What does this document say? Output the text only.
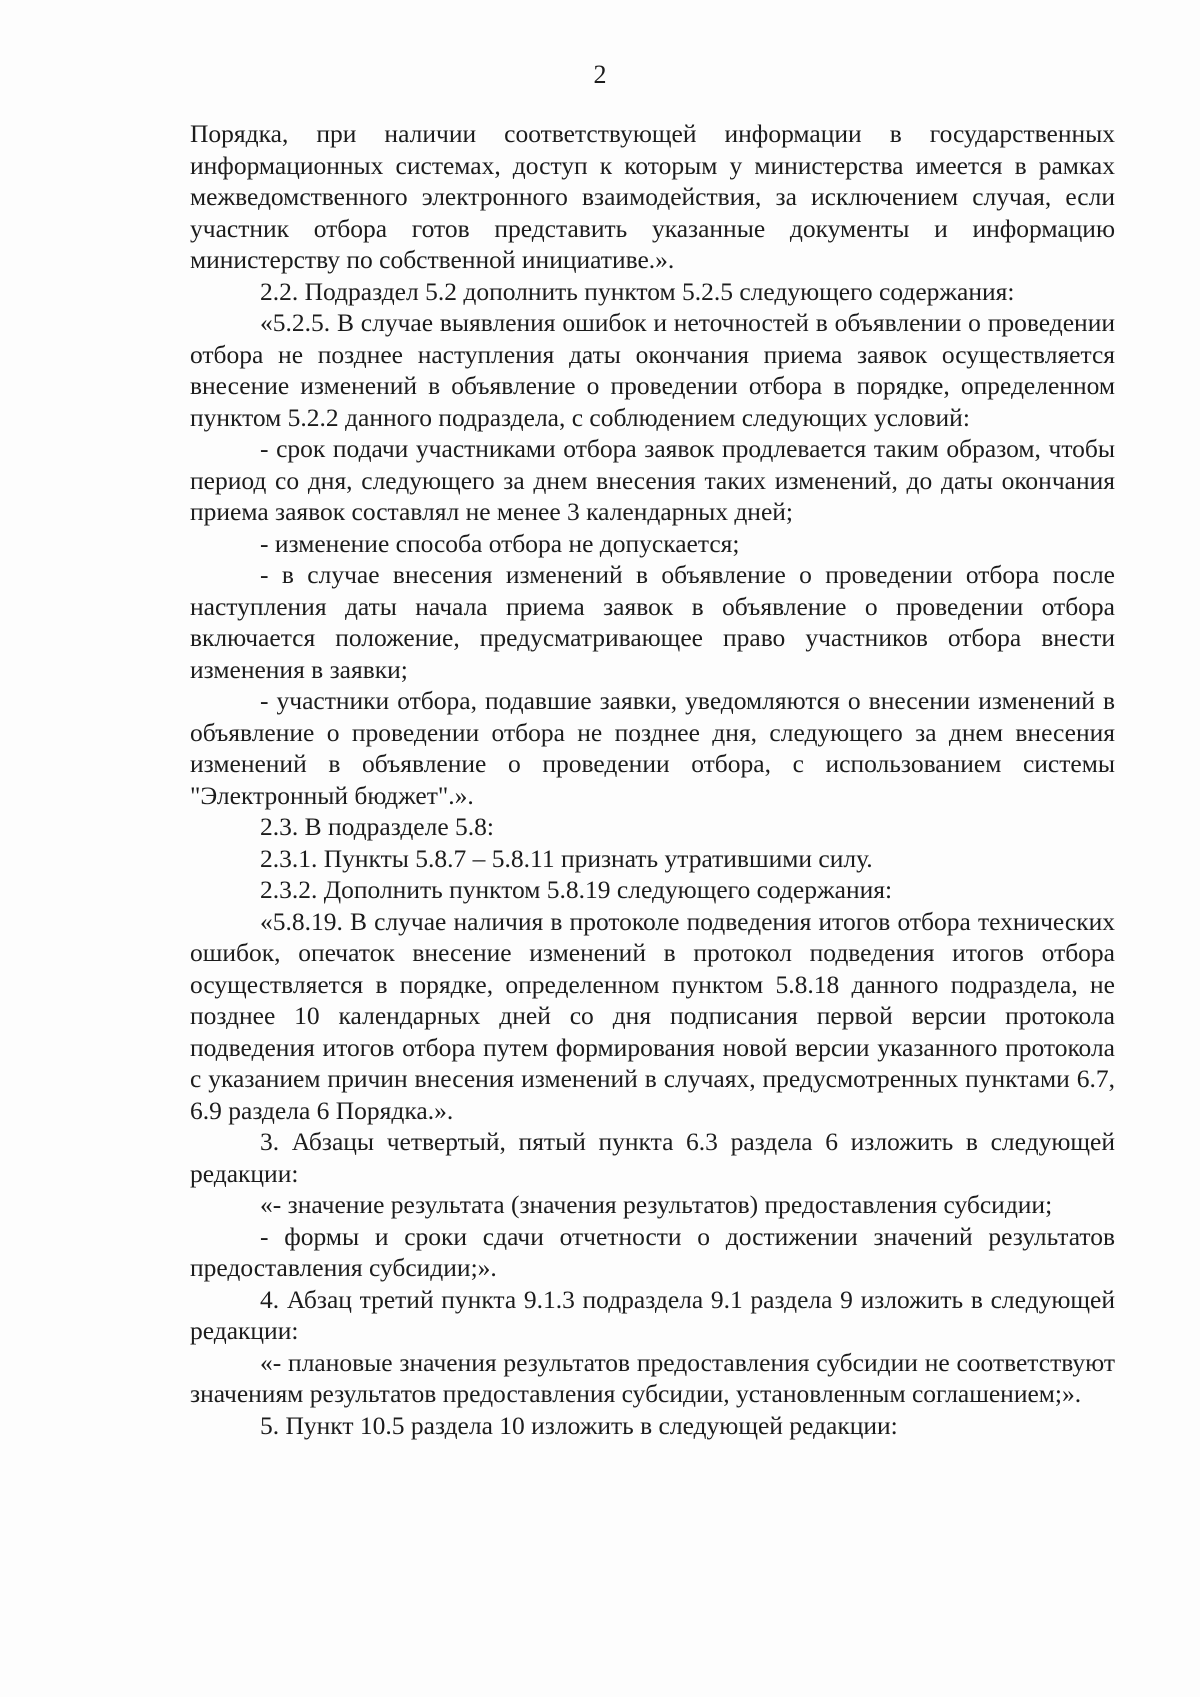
2

Порядка, при наличии соответствующей информации в государственных информационных системах, доступ к которым у министерства имеется в рамках межведомственного электронного взаимодействия, за исключением случая, если участник отбора готов представить указанные документы и информацию министерству по собственной инициативе.».

2.2. Подраздел 5.2 дополнить пунктом 5.2.5 следующего содержания:

«5.2.5. В случае выявления ошибок и неточностей в объявлении о проведении отбора не позднее наступления даты окончания приема заявок осуществляется внесение изменений в объявление о проведении отбора в порядке, определенном пунктом 5.2.2 данного подраздела, с соблюдением следующих условий:

- срок подачи участниками отбора заявок продлевается таким образом, чтобы период со дня, следующего за днем внесения таких изменений, до даты окончания приема заявок составлял не менее 3 календарных дней;

- изменение способа отбора не допускается;

- в случае внесения изменений в объявление о проведении отбора после наступления даты начала приема заявок в объявление о проведении отбора включается положение, предусматривающее право участников отбора внести изменения в заявки;

- участники отбора, подавшие заявки, уведомляются о внесении изменений в объявление о проведении отбора не позднее дня, следующего за днем внесения изменений в объявление о проведении отбора, с использованием системы "Электронный бюджет".».

2.3. В подразделе 5.8:

2.3.1. Пункты 5.8.7 – 5.8.11 признать утратившими силу.

2.3.2. Дополнить пунктом 5.8.19 следующего содержания:

«5.8.19. В случае наличия в протоколе подведения итогов отбора технических ошибок, опечаток внесение изменений в протокол подведения итогов отбора осуществляется в порядке, определенном пунктом 5.8.18 данного подраздела, не позднее 10 календарных дней со дня подписания первой версии протокола подведения итогов отбора путем формирования новой версии указанного протокола с указанием причин внесения изменений в случаях, предусмотренных пунктами 6.7, 6.9 раздела 6 Порядка.».

3. Абзацы четвертый, пятый пункта 6.3 раздела 6 изложить в следующей редакции:

«- значение результата (значения результатов) предоставления субсидии;

- формы и сроки сдачи отчетности о достижении значений результатов предоставления субсидии;».

4. Абзац третий пункта 9.1.3 подраздела 9.1 раздела 9 изложить в следующей редакции:

«- плановые значения результатов предоставления субсидии не соответствуют значениям результатов предоставления субсидии, установленным соглашением;».

5. Пункт 10.5 раздела 10 изложить в следующей редакции:
